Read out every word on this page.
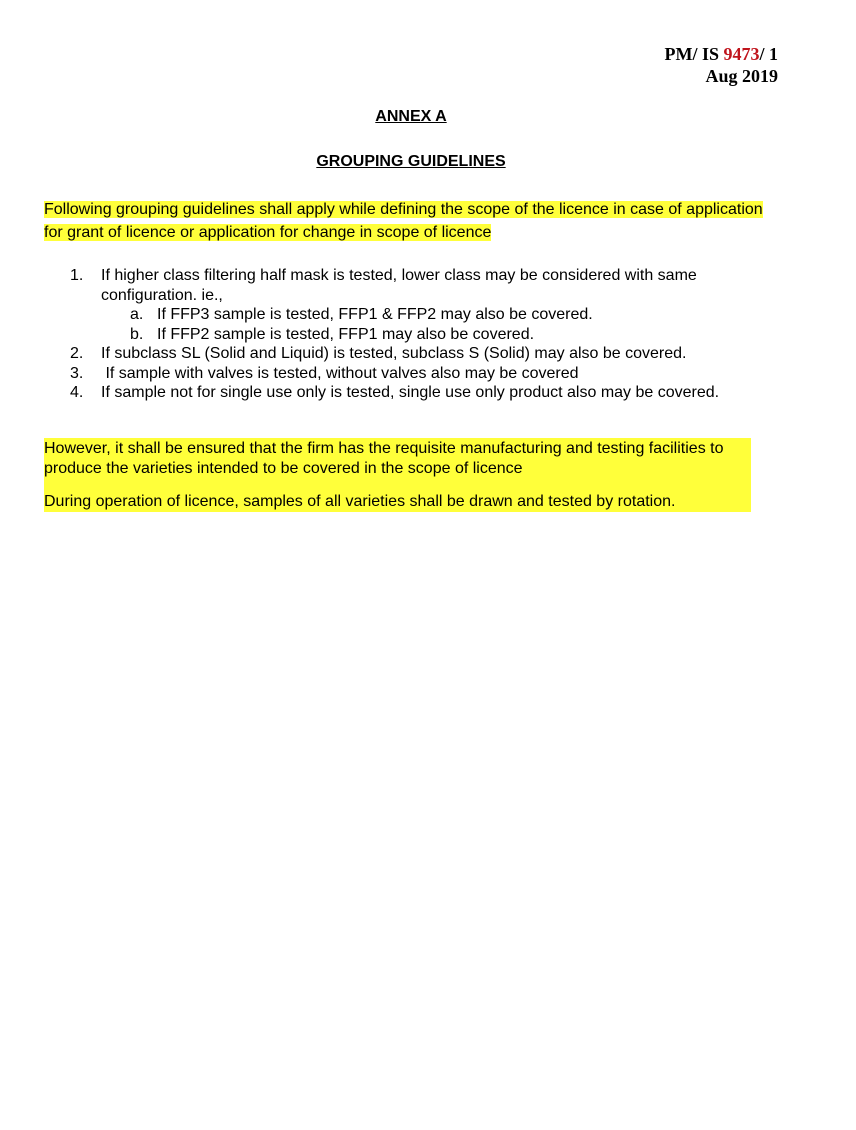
PM/ IS 9473/ 1
Aug 2019
ANNEX A
GROUPING GUIDELINES
Following grouping guidelines shall apply while defining the scope of the licence in case of application for grant of licence or application for change in scope of licence
1. If higher class filtering half mask is tested, lower class may be considered with same configuration. ie.,
a. If FFP3 sample is tested, FFP1 & FFP2 may also be covered.
b. If FFP2 sample is tested, FFP1 may also be covered.
2. If subclass SL (Solid and Liquid) is tested, subclass S (Solid) may also be covered.
3. If sample with valves is tested, without valves also may be covered
4. If sample not for single use only is tested, single use only product also may be covered.
However, it shall be ensured that the firm has the requisite manufacturing and testing facilities to produce the varieties intended to be covered in the scope of licence
During operation of licence, samples of all varieties shall be drawn and tested by rotation.
